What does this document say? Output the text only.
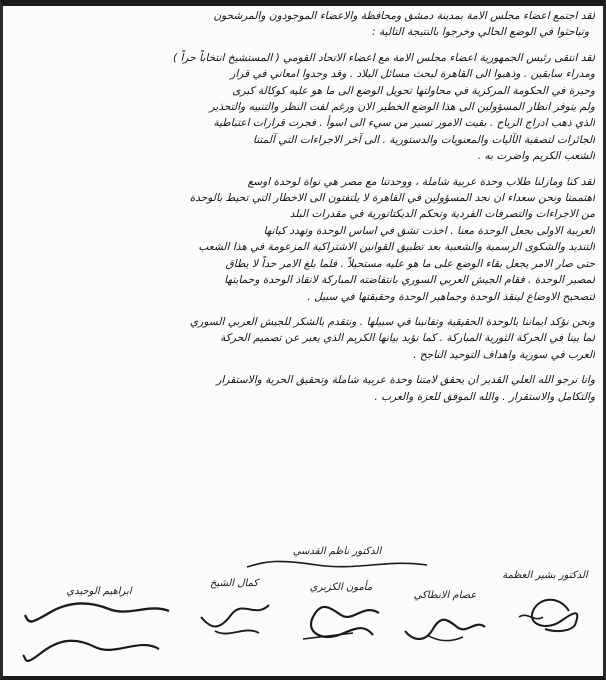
لقد اجتمع اعضاء مجلس الامة بمدينة دمشق ومحافظة والاعضاء الموجودون والمرشحون
وتباحثوا في الوضع الحالي وخرجوا بالنتيجة التالية :
لقد انتقى رئيس الجمهورية اعضاء مجلس الامة مع اعضاء الاتحاد القومي ( المستشيخ انتخاباً حراً )
ومدراء سابقين . وذهبوا الى القاهرة لبحث مسائل البلاد . وقد وجدوا امعاني في قرار
وحيرة في الحكومة المركزية في محاولتها تحويل الوضع الى ما هو عليه كوكالة كبرى
ولم يتوفر انظار المسؤولين الى هذا الوضع الخطير الان ورغم لفت النظر والتنبيه والتحذير
الذي ذهب ادراج الرياح . بقيت الامور تسير من سيء الى اسوأ . فجرت قرارات اعتباطية
الجائرات لتصفية الآليات والمعنويات والدستورية . الى آخر الاجراءات التي آلمتنا
الشعب الكريم واضرت به .
لقد كنا ومازلنا طلاب وحدة عربية شاملة ، ووحدتنا مع مصر هي نواة لوحدة اوسع
اهتممنا ونحن سعداء ان نجد المسؤولين في القاهرة لا يلتفتون الى الاخطار التي تحيط بالوحدة
من الاجراءات والتصرفات الفردية وتحكم الديكتاتورية في مقدرات البلد
العربية الاولى بجعل الوحدة معنا . اخذت تشق في اساس الوحدة وتهدد كيانها
التنديد والشكوى الرسمية والشعبية بعد تطبيق القوانين الاشتراكية المزعومة في هذا الشعب
حتى صار الامر يجعل بقاء الوضع على ما هو عليه مستحيلاً . فلما بلغ الامر حداً لا يطاق
لمصير الوحدة . فقام الجيش العربي السوري بانتفاضته المباركة لانقاذ الوحدة وحمايتها
لتصحيح الاوضاع لينقذ الوحدة وجماهير الوحدة وحقيقتها في سبيل .
ونحن نؤكد ايماننا بالوحدة الحقيقية وتفانينا في سبيلها . ونتقدم بالشكر للجيش العربي السوري
لما بينا في الحركة الثورية المباركة . كما نؤيد بيانها الكريم الذي يعبر عن تصميم الحركة
العرب في سورية واهداف التوحيد الناجح .
وانا نرجو الله العلي القدير ان يحقق لامتنا وحدة عربية شاملة وتحقيق الحرية والاستقرار
والتكامل والاستقرار . والله الموفق للعزة والعرب .
الدكتور بشير العظمة
عصام الانطاكي
مأمون الكزبري
كمال الشيخ
ابراهيم الوحيدي
الدكتور ناظم القدسي
